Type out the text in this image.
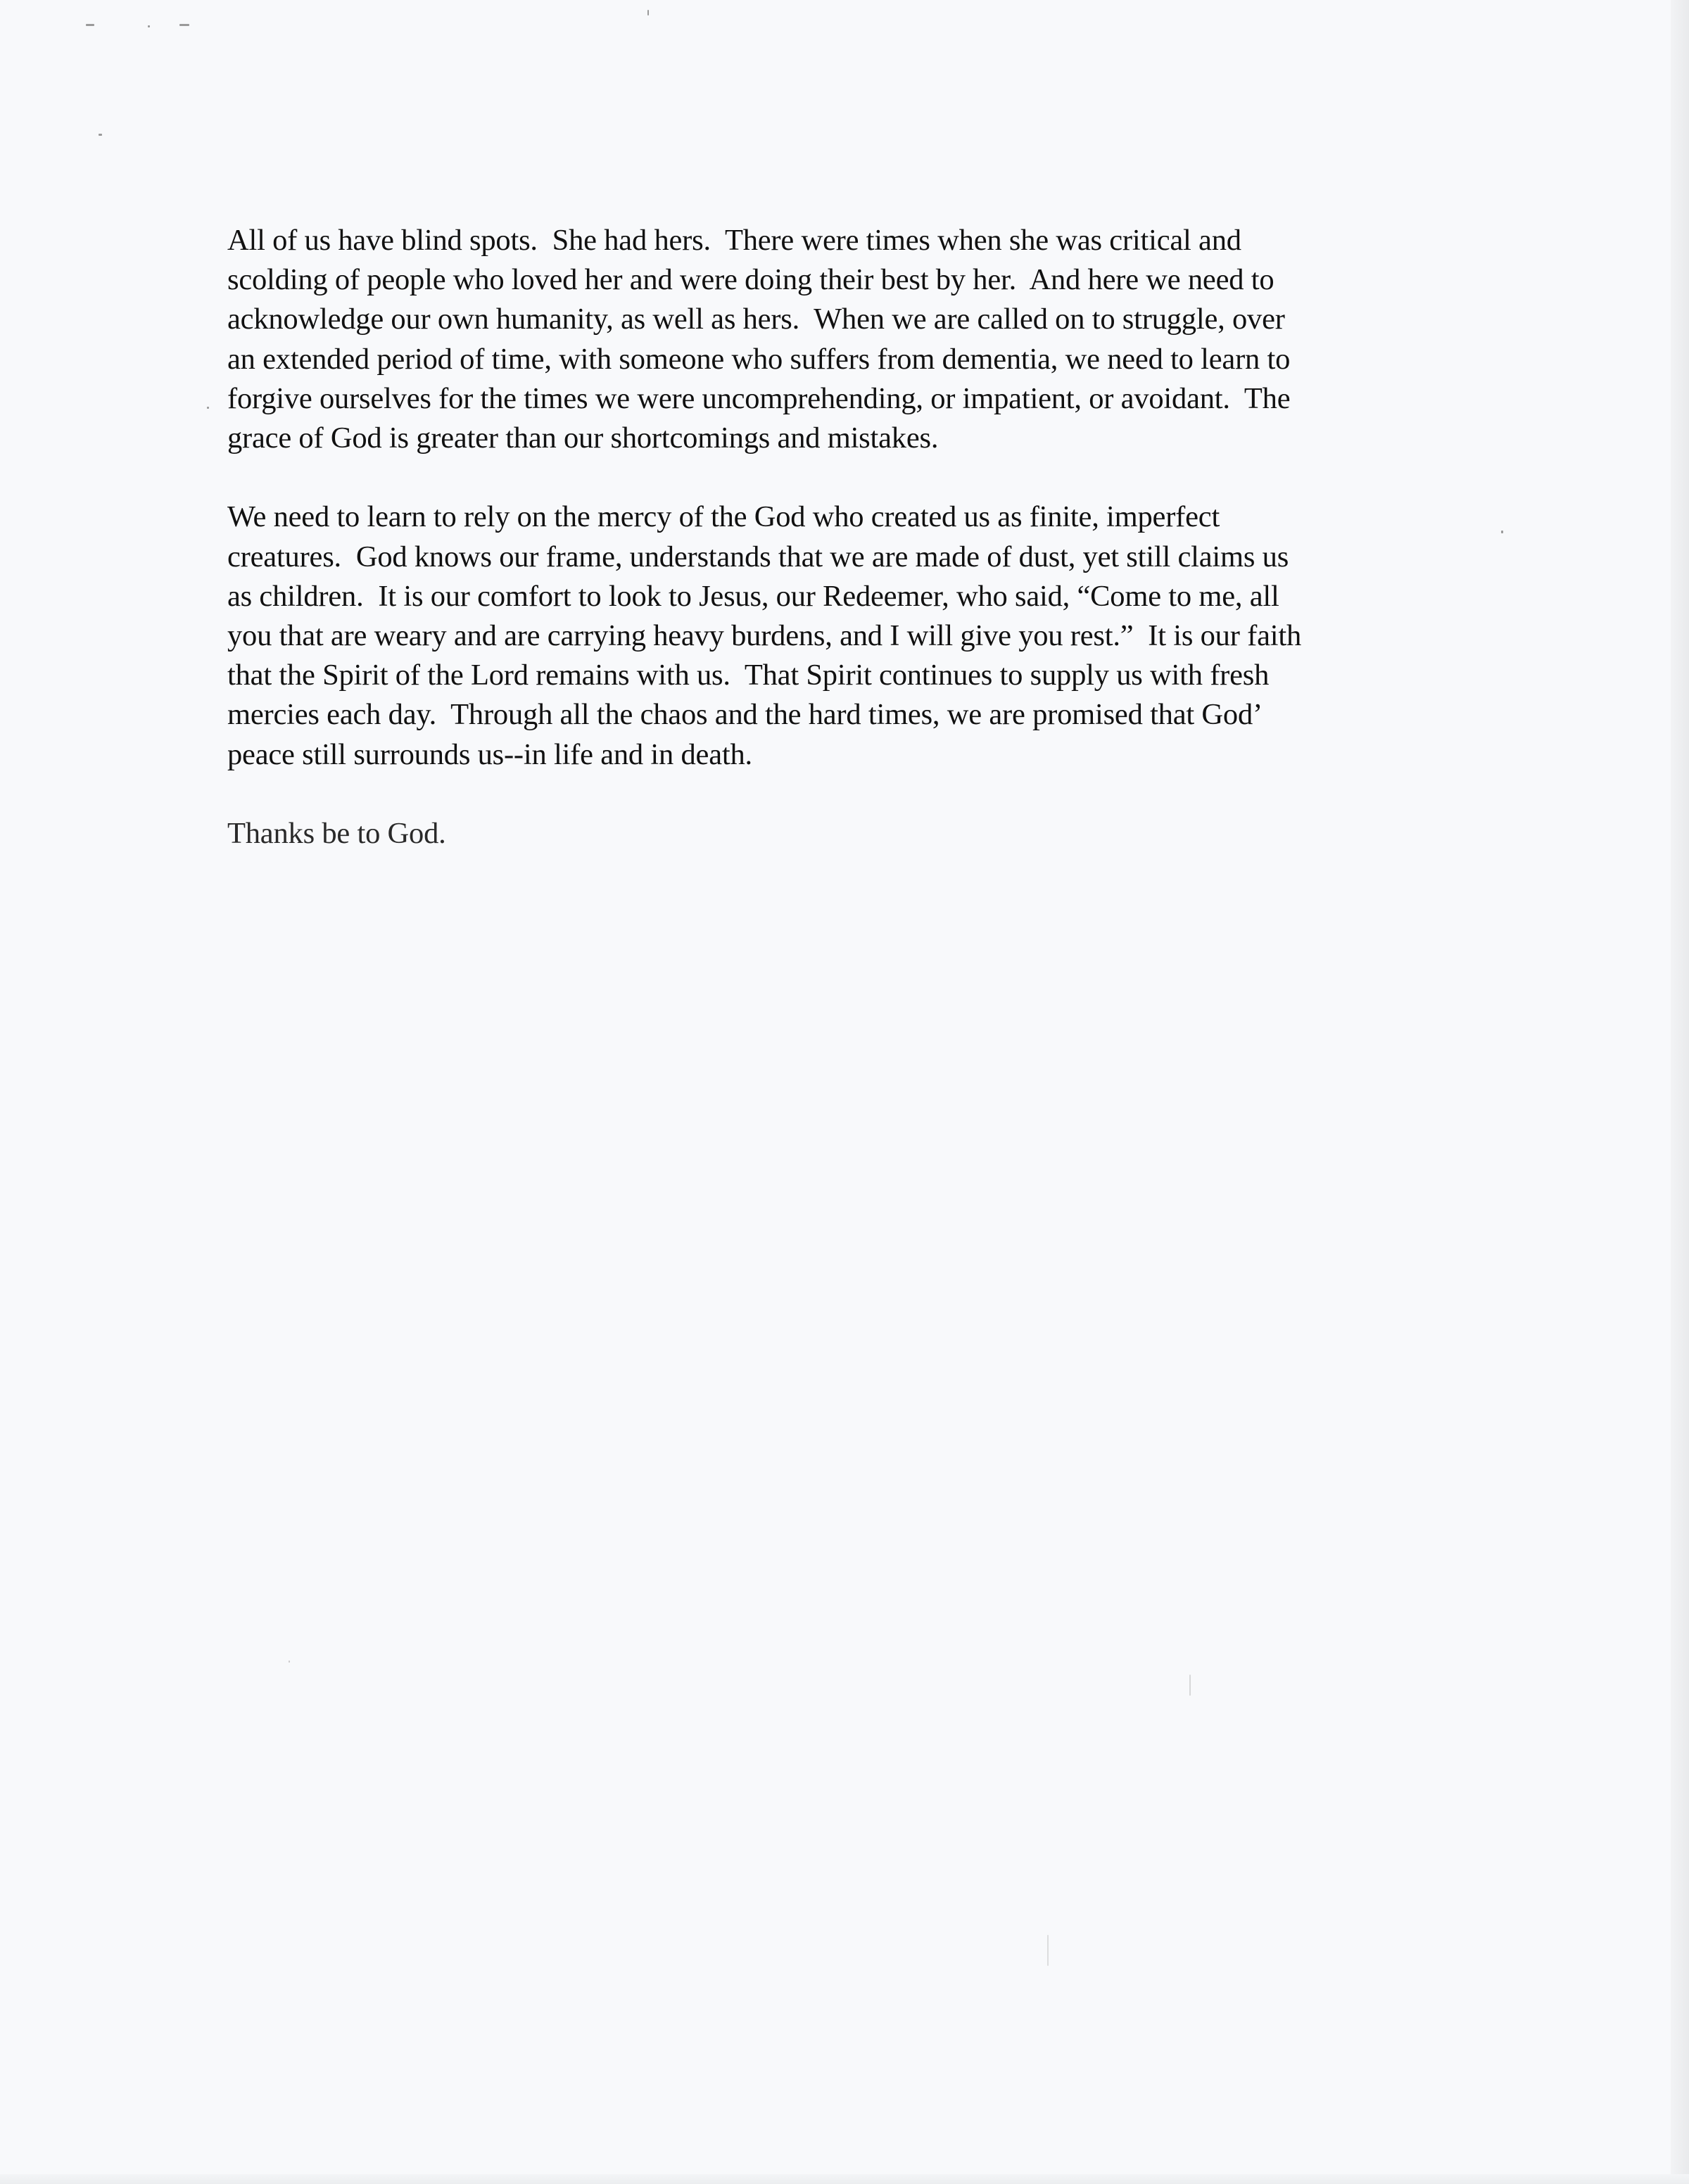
All of us have blind spots.  She had hers.  There were times when she was critical and
scolding of people who loved her and were doing their best by her.  And here we need to
acknowledge our own humanity, as well as hers.  When we are called on to struggle, over
an extended period of time, with someone who suffers from dementia, we need to learn to
forgive ourselves for the times we were uncomprehending, or impatient, or avoidant.  The
grace of God is greater than our shortcomings and mistakes.
We need to learn to rely on the mercy of the God who created us as finite, imperfect
creatures.  God knows our frame, understands that we are made of dust, yet still claims us
as children.  It is our comfort to look to Jesus, our Redeemer, who said, “Come to me, all
you that are weary and are carrying heavy burdens, and I will give you rest.”  It is our faith
that the Spirit of the Lord remains with us.  That Spirit continues to supply us with fresh
mercies each day.  Through all the chaos and the hard times, we are promised that God’
peace still surrounds us--in life and in death.
Thanks be to God.
